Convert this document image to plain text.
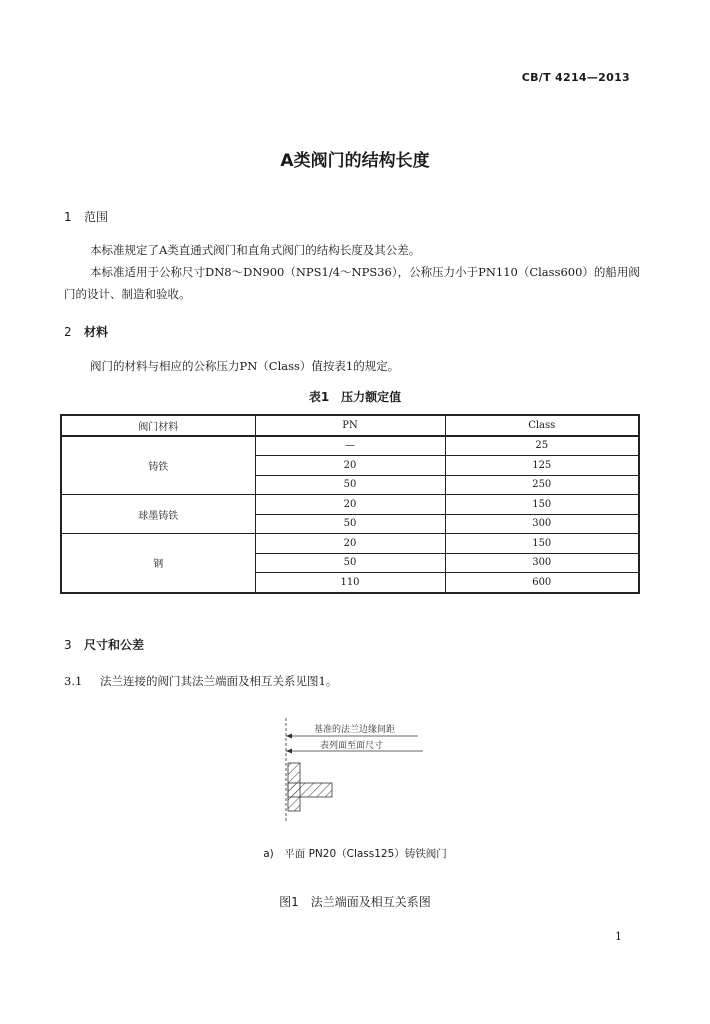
CB/T 4214—2013
A类阀门的结构长度
1 范围
本标准规定了A类直通式阀门和直角式阀门的结构长度及其公差。
本标准适用于公称尺寸DN8～DN900（NPS1/4～NPS36），公称压力小于PN110（Class600）的船用阀
门的设计、制造和验收。
2 材料
阀门的材料与相应的公称压力PN（Class）值按表1的规定。
表1　压力额定值
阀门材料	PN	Class
铸铁	—	25
	20	125
	50	250
球墨铸铁	20	150
	50	300
钢	20	150
	50	300
	110	600
3 尺寸和公差
3.1 法兰连接的阀门其法兰端面及相互关系见图1。
基准的法兰边缘间距
表列面至面尺寸
a)　平面 PN20（Class125）铸铁阀门
图1　法兰端面及相互关系图
1
